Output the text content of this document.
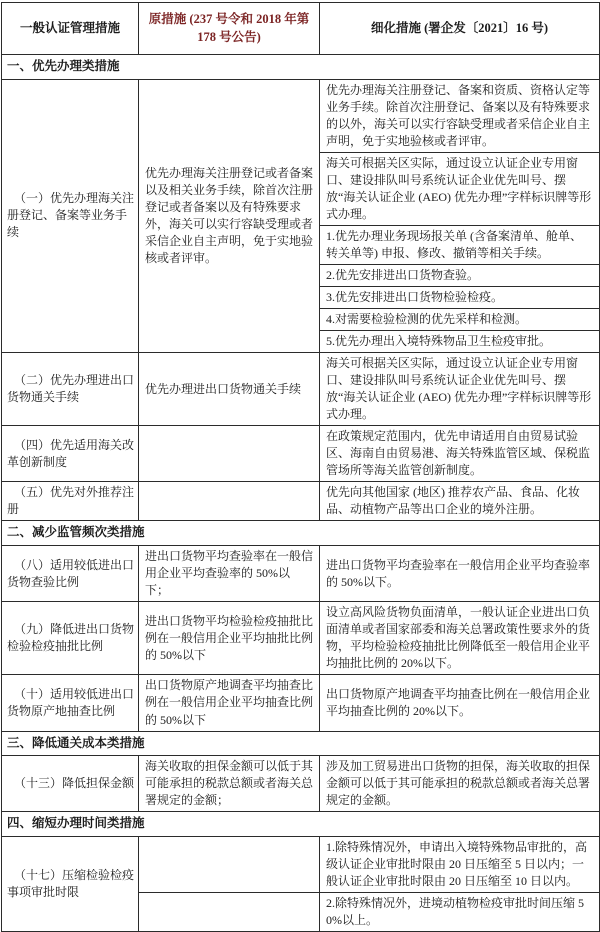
一般认证管理措施	原措施 (237 号令和 2018 年第 178 号公告)	细化措施 (署企发〔2021〕16 号)
一、优先办理类措施		
（一）优先办理海关注册登记、备案等业务手续	优先办理海关注册登记或者备案以及相关业务手续，除首次注册登记或者备案以及有特殊要求外，海关可以实行容缺受理或者采信企业自主声明，免于实地验核或者评审。	优先办理海关注册登记、备案和资质、资格认定等业务手续。除首次注册登记、备案以及有特殊要求的以外，海关可以实行容缺受理或者采信企业自主声明，免于实地验核或者评审。
		海关可根据关区实际，通过设立认证企业专用窗口、建设排队叫号系统认证企业优先叫号、摆放“海关认证企业 (AEO) 优先办理”字样标识牌等形式办理。
		1.优先办理业务现场报关单 (含备案清单、舱单、转关单等) 申报、修改、撤销等相关手续。
		2.优先安排进出口货物查验。
		3.优先安排进出口货物检验检疫。
		4.对需要检验检测的优先采样和检测。
		5.优先办理出入境特殊物品卫生检疫审批。
（二）优先办理进出口货物通关手续	优先办理进出口货物通关手续	海关可根据关区实际，通过设立认证企业专用窗口、建设排队叫号系统认证企业优先叫号、摆放“海关认证企业 (AEO) 优先办理”字样标识牌等形式办理。
（四）优先适用海关改革创新制度		在政策规定范围内，优先申请适用自由贸易试验区、海南自由贸易港、海关特殊监管区域、保税监管场所等海关监管创新制度。
（五）优先对外推荐注册		优先向其他国家 (地区) 推荐农产品、食品、化妆品、动植物产品等出口企业的境外注册。
二、减少监管频次类措施		
（八）适用较低进出口货物查验比例	进出口货物平均查验率在一般信用企业平均查验率的 50%以下；	进出口货物平均查验率在一般信用企业平均查验率的 50%以下。
（九）降低进出口货物检验检疫抽批比例	进出口货物平均检验检疫抽批比例在一般信用企业平均抽批比例的 50%以下	设立高风险货物负面清单，一般认证企业进出口负面清单或者国家部委和海关总署政策性要求外的货物，平均检验检疫抽批比例降低至一般信用企业平均抽批比例的 20%以下。
（十）适用较低进出口货物原产地抽查比例	出口货物原产地调查平均抽查比例在一般信用企业平均抽查比例的 50%以下	出口货物原产地调查平均抽查比例在一般信用企业平均抽查比例的 20%以下。
三、降低通关成本类措施		
（十三）降低担保金额	海关收取的担保金额可以低于其可能承担的税款总额或者海关总署规定的金额；	涉及加工贸易进出口货物的担保，海关收取的担保金额可以低于其可能承担的税款总额或者海关总署规定的金额。
四、缩短办理时间类措施		
（十七）压缩检验检疫事项审批时限		1.除特殊情况外，申请出入境特殊物品审批的，高级认证企业审批时限由 20 日压缩至 5 日以内；一般认证企业审批时限由 20 日压缩至 10 日以内。
		2.除特殊情况外，进境动植物检疫审批时间压缩 50%以上。
